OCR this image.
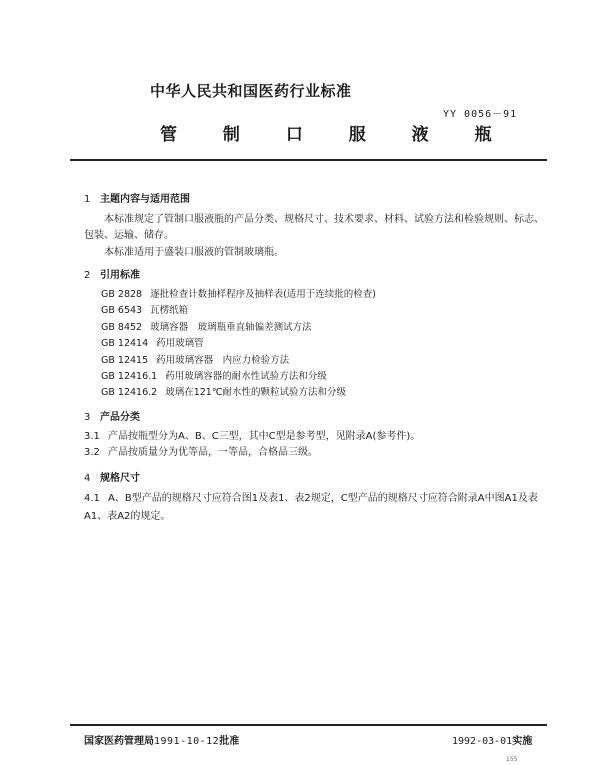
中华人民共和国医药行业标准
YY 0056－91
管 制 口 服 液 瓶
1 主题内容与适用范围
本标准规定了管制口服液瓶的产品分类、规格尺寸、技术要求、材料、试验方法和检验规则、标志、包装、运输、储存。
本标准适用于盛装口服液的管制玻璃瓶。
2 引用标准
GB 2828 逐批检查计数抽样程序及抽样表(适用于连续批的检查)
GB 6543 瓦楞纸箱
GB 8452 玻璃容器　玻璃瓶垂直轴偏差测试方法
GB 12414 药用玻璃管
GB 12415 药用玻璃容器　内应力检验方法
GB 12416.1 药用玻璃容器的耐水性试验方法和分级
GB 12416.2 玻璃在121℃耐水性的颗粒试验方法和分级
3 产品分类
3.1 产品按瓶型分为A、B、C三型，其中C型是参考型，见附录A(参考件)。
3.2 产品按质量分为优等品，一等品，合格品三级。
4 规格尺寸
4.1 A、B型产品的规格尺寸应符合图1及表1、表2规定，C型产品的规格尺寸应符合附录A中图A1及表A1、表A2的规定。
国家医药管理局1991-10-12批准	1992-03-01实施
155
